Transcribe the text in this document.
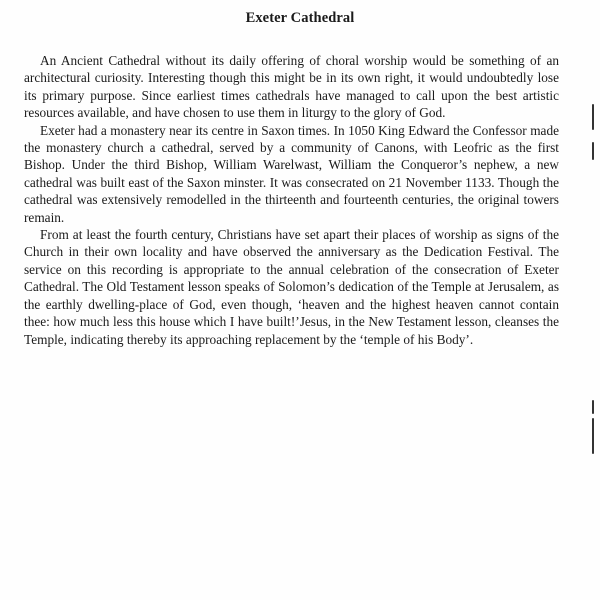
Exeter Cathedral

An Ancient Cathedral without its daily offering of choral worship would be something of an architectural curiosity. Interesting though this might be in its own right, it would undoubtedly lose its primary purpose. Since earliest times cathedrals have managed to call upon the best artistic resources available, and have chosen to use them in liturgy to the glory of God.

Exeter had a monastery near its centre in Saxon times. In 1050 King Edward the Confessor made the monastery church a cathedral, served by a community of Canons, with Leofric as the first Bishop. Under the third Bishop, William Warelwast, William the Conqueror’s nephew, a new cathedral was built east of the Saxon minster. It was consecrated on 21 November 1133. Though the cathedral was extensively remodelled in the thirteenth and fourteenth centuries, the original towers remain.

From at least the fourth century, Christians have set apart their places of worship as signs of the Church in their own locality and have observed the anniversary as the Dedication Festival. The service on this recording is appropriate to the annual celebration of the consecration of Exeter Cathedral. The Old Testament lesson speaks of Solomon’s dedication of the Temple at Jerusalem, as the earthly dwelling-place of God, even though, ‘heaven and the highest heaven cannot contain thee: how much less this house which I have built!’Jesus, in the New Testament lesson, cleanses the Temple, indicating thereby its approaching replacement by the ‘temple of his Body’.
